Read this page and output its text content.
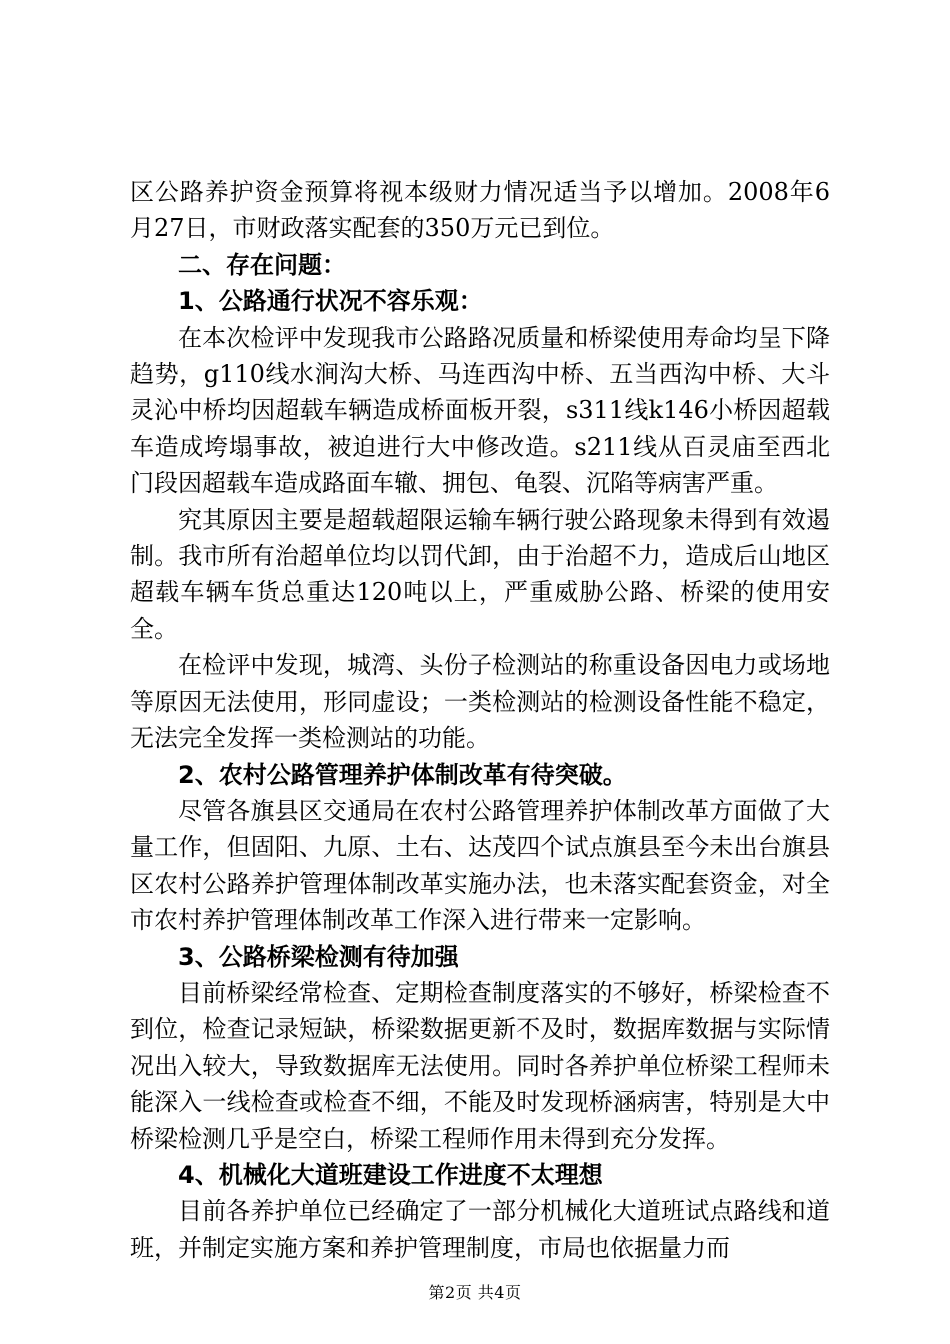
区公路养护资金预算将视本级财力情况适当予以增加。2008年6月27日，市财政落实配套的350万元已到位。

二、存在问题：

1、公路通行状况不容乐观：

在本次检评中发现我市公路路况质量和桥梁使用寿命均呈下降趋势，g110线水涧沟大桥、马连西沟中桥、五当西沟中桥、大斗灵沁中桥均因超载车辆造成桥面板开裂，s311线k146小桥因超载车造成垮塌事故，被迫进行大中修改造。s211线从百灵庙至西北门段因超载车造成路面车辙、拥包、龟裂、沉陷等病害严重。

究其原因主要是超载超限运输车辆行驶公路现象未得到有效遏制。我市所有治超单位均以罚代卸，由于治超不力，造成后山地区超载车辆车货总重达120吨以上，严重威胁公路、桥梁的使用安全。

在检评中发现，城湾、头份子检测站的称重设备因电力或场地等原因无法使用，形同虚设；一类检测站的检测设备性能不稳定，无法完全发挥一类检测站的功能。

2、农村公路管理养护体制改革有待突破。

尽管各旗县区交通局在农村公路管理养护体制改革方面做了大量工作，但固阳、九原、土右、达茂四个试点旗县至今未出台旗县区农村公路养护管理体制改革实施办法，也未落实配套资金，对全市农村养护管理体制改革工作深入进行带来一定影响。

3、公路桥梁检测有待加强

目前桥梁经常检查、定期检查制度落实的不够好，桥梁检查不到位，检查记录短缺，桥梁数据更新不及时，数据库数据与实际情况出入较大，导致数据库无法使用。同时各养护单位桥梁工程师未能深入一线检查或检查不细，不能及时发现桥涵病害，特别是大中桥梁检测几乎是空白，桥梁工程师作用未得到充分发挥。

4、机械化大道班建设工作进度不太理想

目前各养护单位已经确定了一部分机械化大道班试点路线和道班，并制定实施方案和养护管理制度，市局也依据量力而

第2页 共4页
